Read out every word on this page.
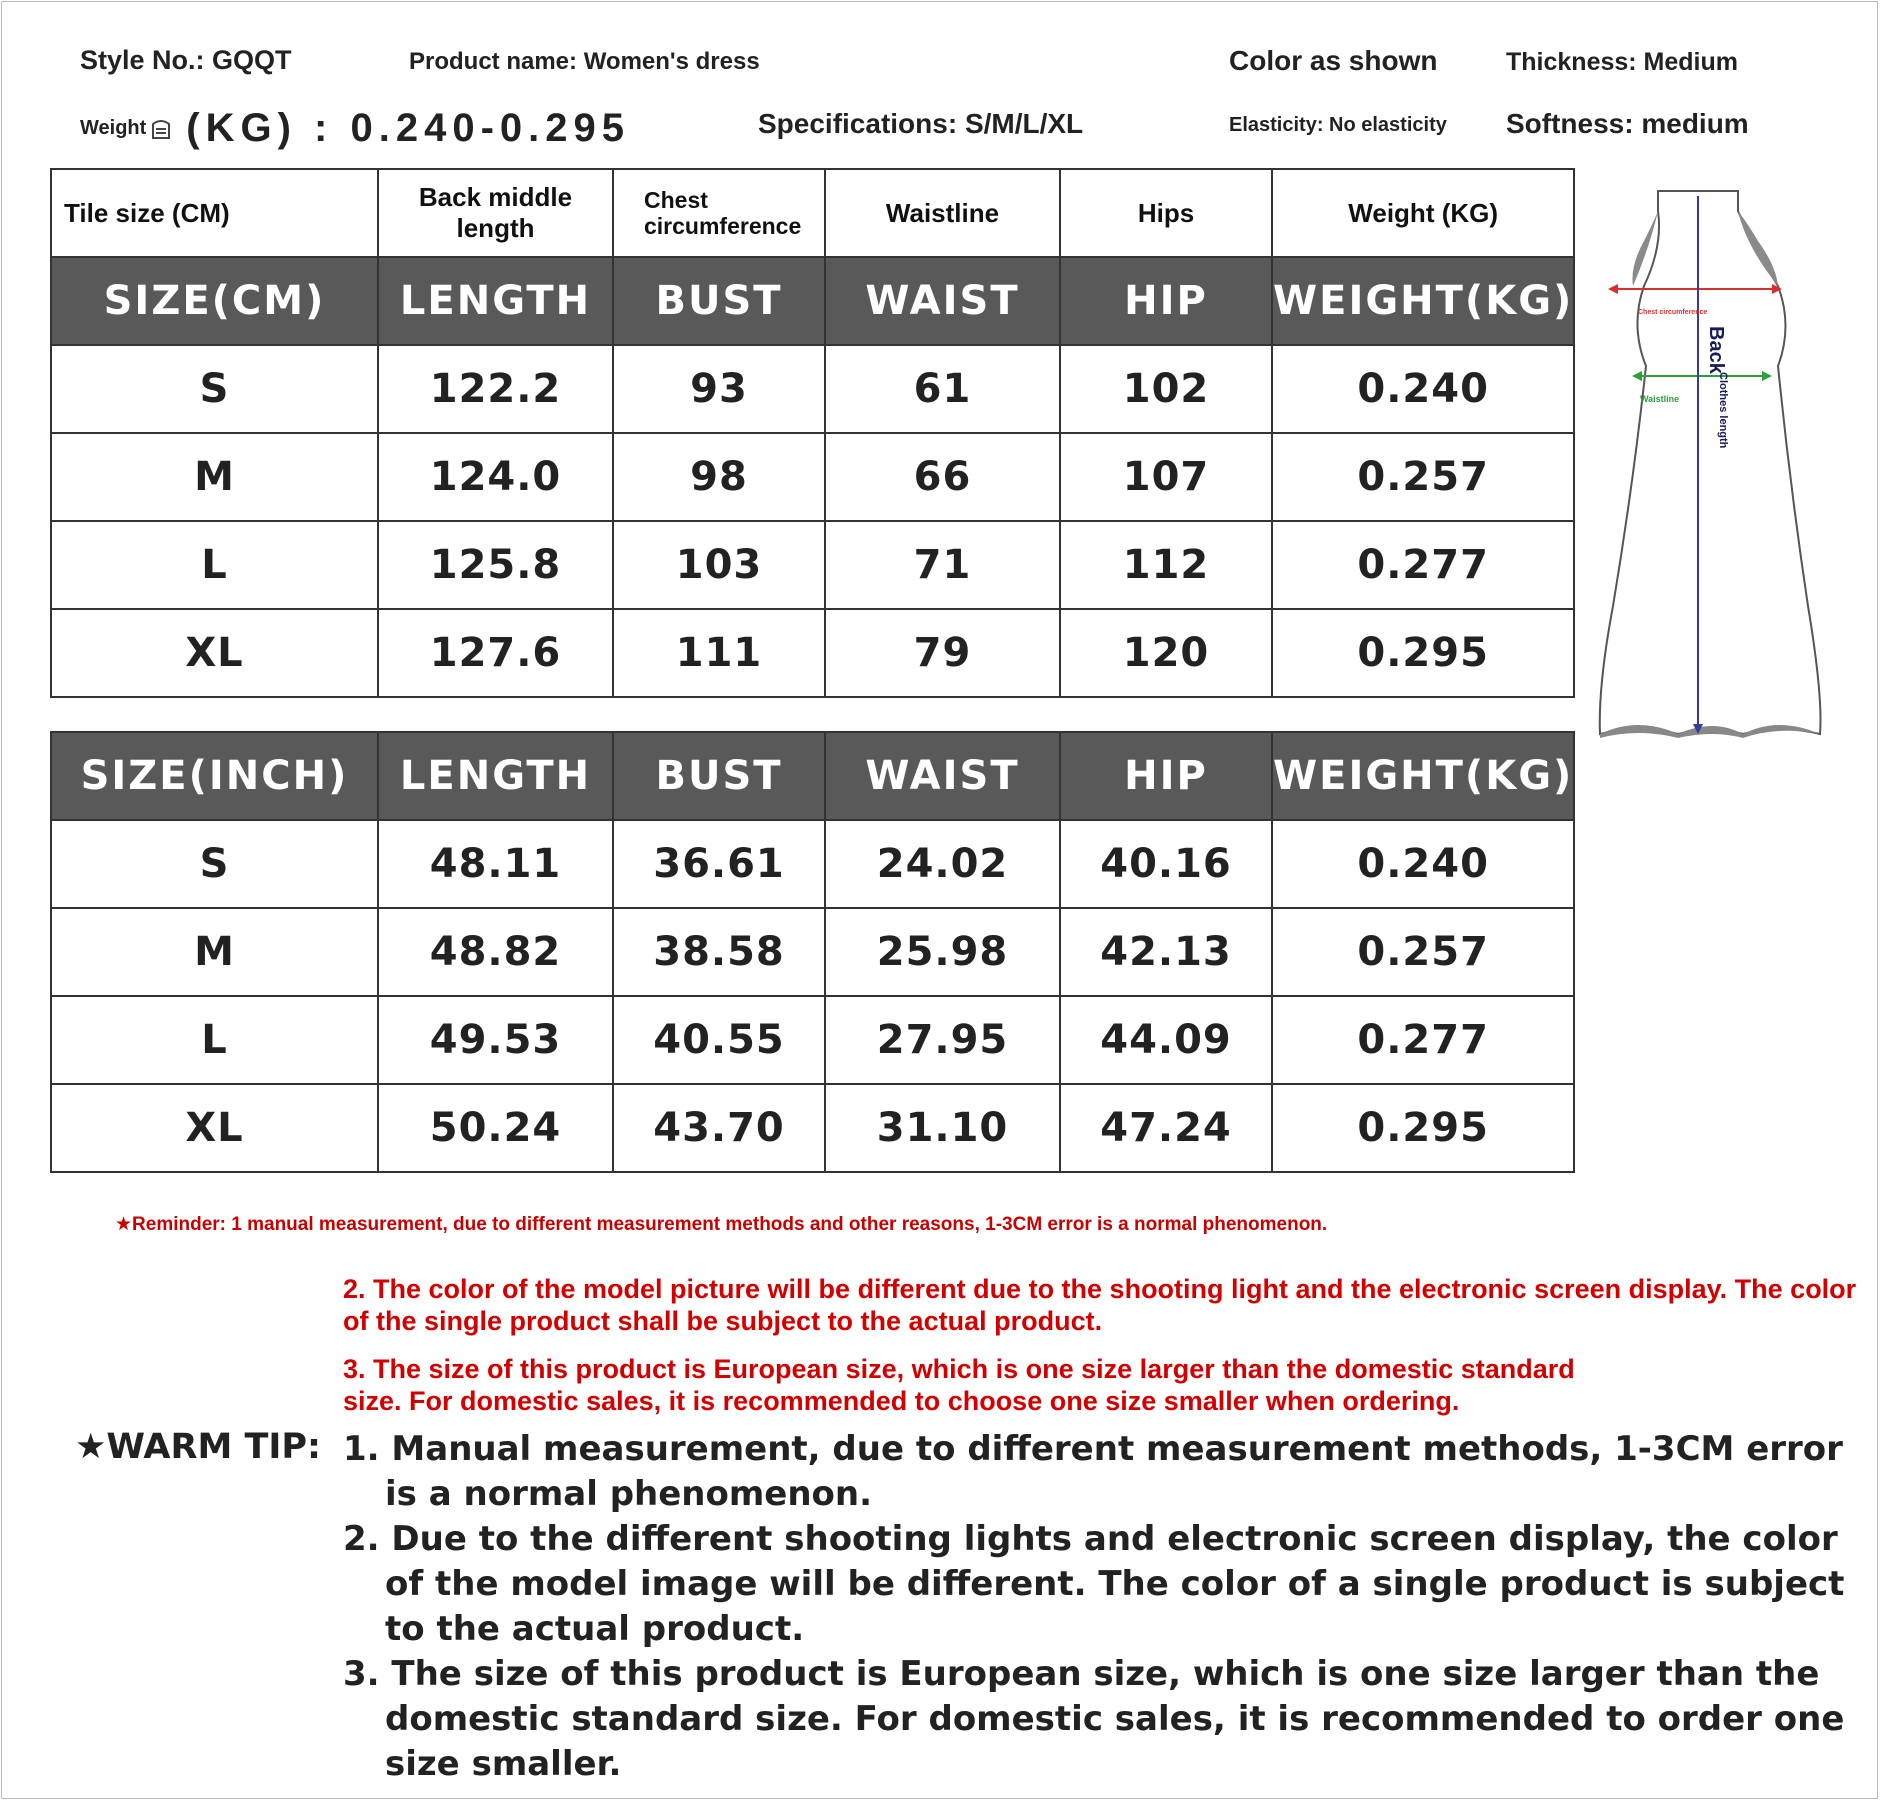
Style No.: GQQT	Product name: Women's dress	Color as shown	Thickness: Medium
Weight (KG) : 0.240-0.295	Specifications: S/M/L/XL	Elasticity: No elasticity Softness: medium
Tile size (CM)	Back middle length	Chest circumference	Waistline	Hips	Weight (KG)
SIZE(CM)	LENGTH	BUST	WAIST	HIP	WEIGHT(KG)
S	122.2	93	61	102	0.240
M	124.0	98	66	107	0.257
L	125.8	103	71	112	0.277
XL	127.6	111	79	120	0.295
SIZE(INCH)	LENGTH	BUST	WAIST	HIP	WEIGHT(KG)
S	48.11	36.61	24.02	40.16	0.240
M	48.82	38.58	25.98	42.13	0.257
L	49.53	40.55	27.95	44.09	0.277
XL	50.24	43.70	31.10	47.24	0.295
Chest circumference
Waistline
Back
Clothes length
★Reminder: 1 manual measurement, due to different measurement methods and other reasons, 1-3CM error is a normal phenomenon.
2. The color of the model picture will be different due to the shooting light and the electronic screen display. The color of the single product shall be subject to the actual product.
3. The size of this product is European size, which is one size larger than the domestic standard size. For domestic sales, it is recommended to choose one size smaller when ordering.
★WARM TIP: 1. Manual measurement, due to different measurement methods, 1-3CM error is a normal phenomenon.
2. Due to the different shooting lights and electronic screen display, the color of the model image will be different. The color of a single product is subject to the actual product.
3. The size of this product is European size, which is one size larger than the domestic standard size. For domestic sales, it is recommended to order one size smaller.
